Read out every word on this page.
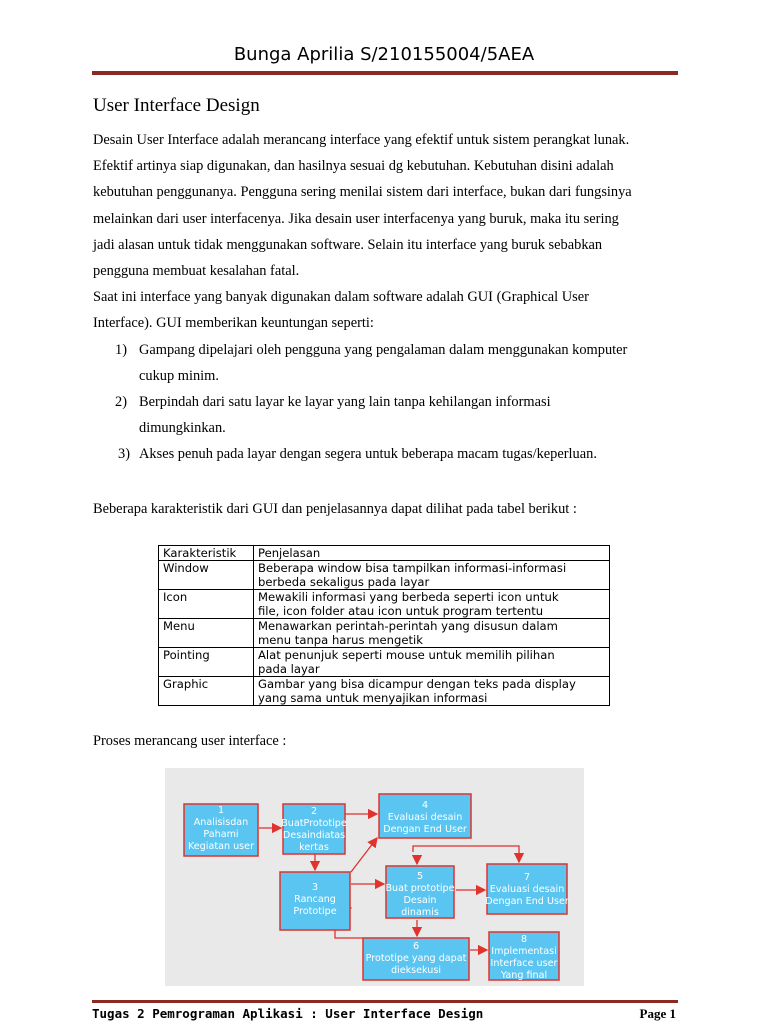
Bunga Aprilia S/210155004/5AEA
User Interface Design

Desain User Interface adalah merancang interface yang efektif untuk sistem perangkat lunak.

Efektif artinya siap digunakan, dan hasilnya sesuai dg kebutuhan. Kebutuhan disini adalah

kebutuhan penggunanya. Pengguna sering menilai sistem dari interface, bukan dari fungsinya

melainkan dari user interfacenya. Jika desain user interfacenya yang buruk, maka itu sering

jadi alasan untuk tidak menggunakan software. Selain itu interface yang buruk sebabkan

pengguna membuat kesalahan fatal.

Saat ini interface yang banyak digunakan dalam software adalah GUI (Graphical User

Interface). GUI memberikan keuntungan seperti:

1) Gampang dipelajari oleh pengguna yang pengalaman dalam menggunakan komputer

cukup minim.

2) Berpindah dari satu layar ke layar yang lain tanpa kehilangan informasi

dimungkinkan.

3) Akses penuh pada layar dengan segera untuk beberapa macam tugas/keperluan.

Beberapa karakteristik dari GUI dan penjelasannya dapat dilihat pada tabel berikut :
Karakteristik	Penjelasan
Window	Beberapa window bisa tampilkan informasi-informasi
berbeda sekaligus pada layar

Icon	Mewakili informasi yang berbeda seperti icon untuk
file, icon folder atau icon untuk program tertentu

Menu	Menawarkan perintah-perintah yang disusun dalam
menu tanpa harus mengetik

Pointing	Alat penunjuk seperti mouse untuk memilih pilihan
pada layar

Graphic	Gambar yang bisa dicampur dengan teks pada display
yang sama untuk menyajikan informasi
Proses merancang user interface :
1
Analisisdan
Pahami
Kegiatan user
2
BuatPrototipe
Desaindiatas
kertas
4
Evaluasi desain
Dengan End User
3
Rancang
Prototipe
5
Buat prototipe
Desain
dinamis
7
Evaluasi desain
Dengan End User
6
Prototipe yang dapat
dieksekusi
8
Implementasi
Interface user
Yang final
Tugas 2 Pemrograman Aplikasi : User Interface Design	Page 1
